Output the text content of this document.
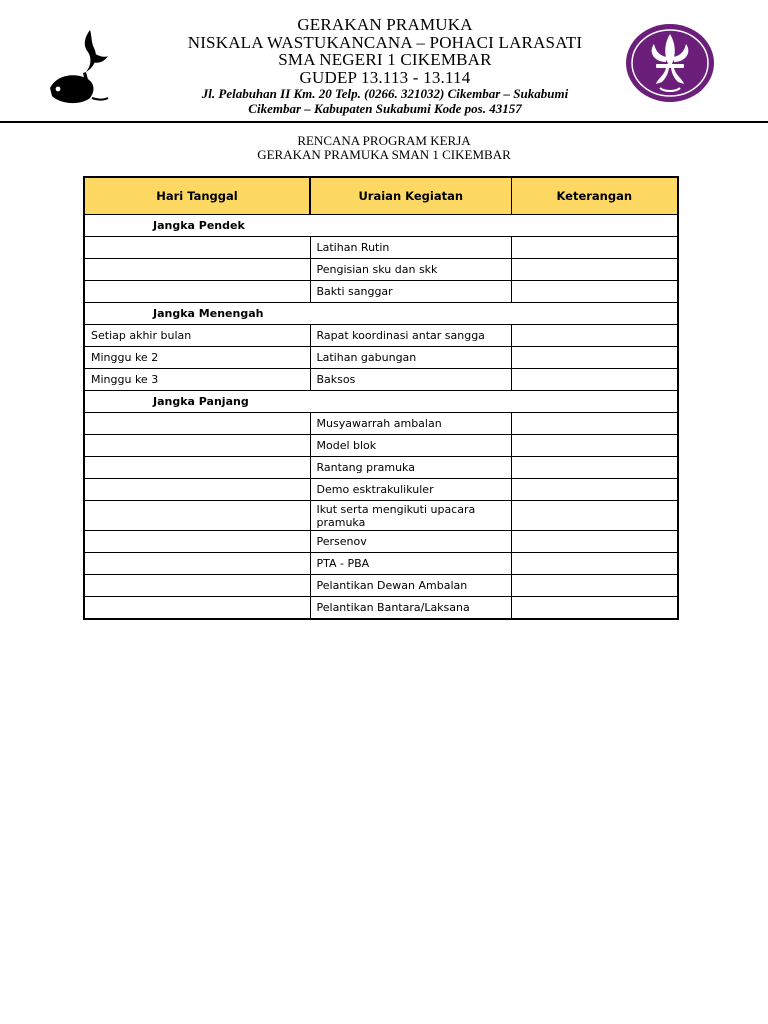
GERAKAN PRAMUKA
NISKALA WASTUKANCANA – POHACI LARASATI
SMA NEGERI 1 CIKEMBAR
GUDEP 13.113 - 13.114
Jl. Pelabuhan II Km. 20 Telp. (0266. 321032) Cikembar – Sukabumi
Cikembar – Kabupaten Sukabumi Kode pos. 43157
RENCANA PROGRAM KERJA
GERAKAN PRAMUKA SMAN 1 CIKEMBAR
Hari Tanggal	Uraian Kegiatan	Keterangan
Jangka Pendek		
	Latihan Rutin	
	Pengisian sku dan skk	
	Bakti sanggar	
Jangka Menengah		
Setiap akhir bulan	Rapat koordinasi antar sangga	
Minggu ke 2	Latihan gabungan	
Minggu ke 3	Baksos	
Jangka Panjang		
	Musyawarrah ambalan	
	Model blok	
	Rantang pramuka	
	Demo esktrakulikuler	
	Ikut serta mengikuti upacara pramuka	
	Persenov	
	PTA - PBA	
	Pelantikan Dewan Ambalan	
	Pelantikan Bantara/Laksana	
